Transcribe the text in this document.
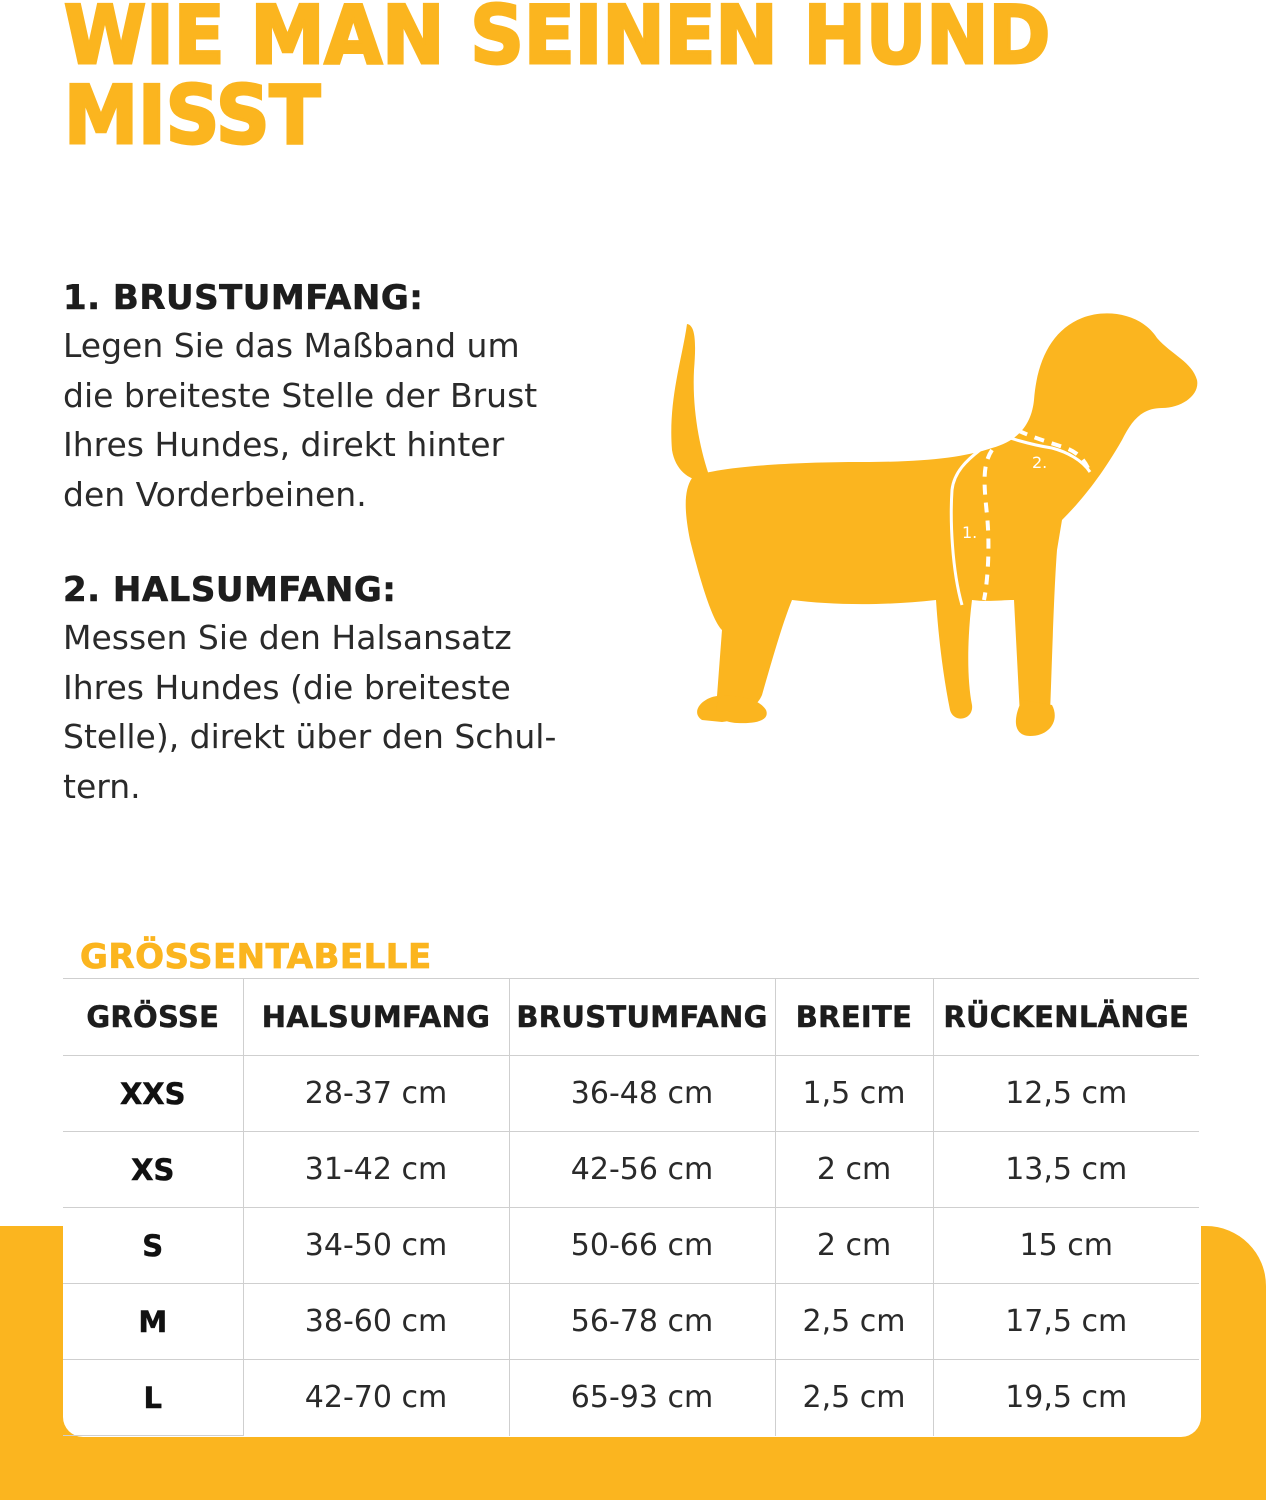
WIE MAN SEINEN HUND MISST
1. BRUSTUMFANG:

Legen Sie das Maßband um
die breiteste Stelle der Brust
Ihres Hundes, direkt hinter
den Vorderbeinen.

2. HALSUMFANG:

Messen Sie den Halsansatz
Ihres Hundes (die breiteste
Stelle), direkt über den Schul-
tern.

2.
1.
GRÖSSENTABELLE
GRÖSSE	HALSUMFANG	BRUSTUMFANG	BREITE	RÜCKENLÄNGE
XXS	28-37 cm	36-48 cm	1,5 cm	12,5 cm
XS	31-42 cm	42-56 cm	2 cm	13,5 cm
S	34-50 cm	50-66 cm	2 cm	15 cm
M	38-60 cm	56-78 cm	2,5 cm	17,5 cm
L	42-70 cm	65-93 cm	2,5 cm	19,5 cm
